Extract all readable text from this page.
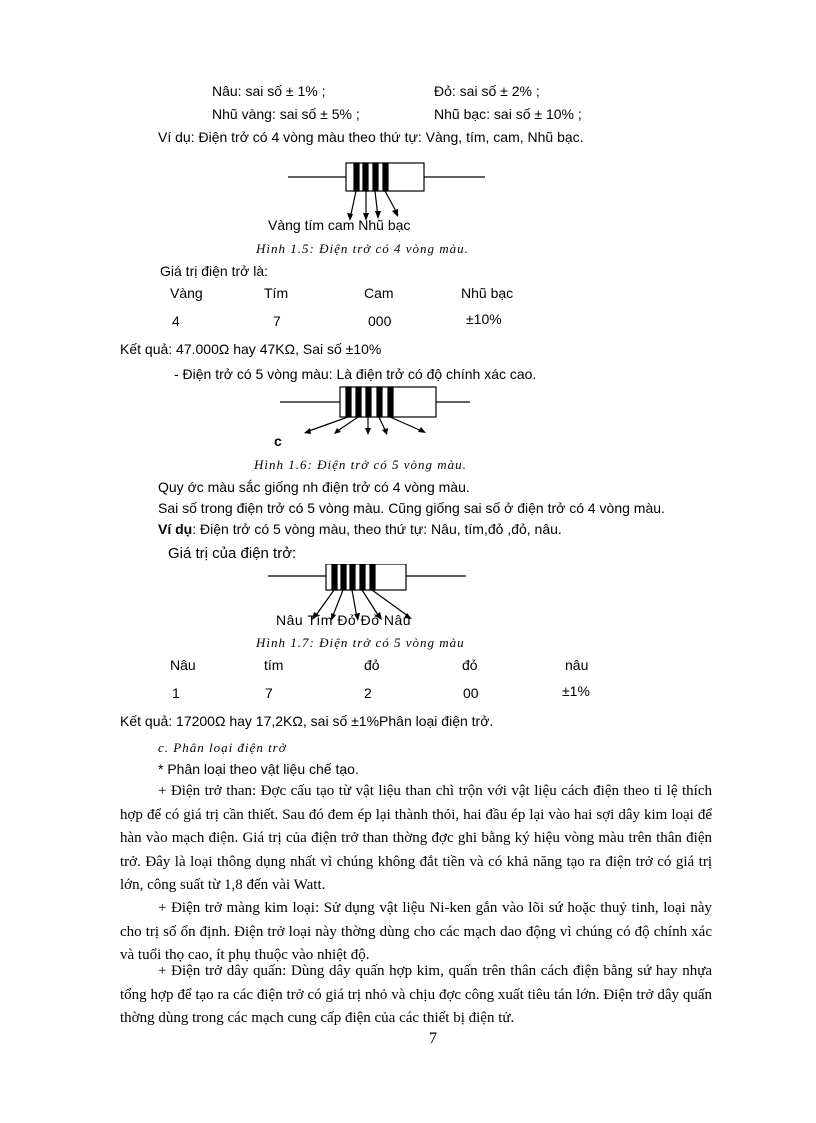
Nâu: sai số ± 1% ;	Đỏ: sai số ± 2% ;
Nhũ vàng: sai số ± 5% ;	Nhũ bạc: sai số ± 10% ;
Ví dụ: Điện trở có 4 vòng màu theo thứ tự: Vàng, tím, cam, Nhũ bạc.
Vàng tím cam Nhũ bạc
Hình 1.5: Điện trở có 4 vòng màu.
Giá trị điện trở là:
Vàng	Tím	Cam	Nhũ bạc
4	7	000	±10%
Kết quả: 47.000Ω hay 47KΩ, Sai số ±10%
- Điện trở có 5 vòng màu: Là điện trở có độ chính xác cao.
c
Hình 1.6: Điện trở có 5 vòng màu.
Quy ớc màu sắc giống nh điện trở có 4 vòng màu.
Sai số trong điện trở có 5 vòng màu. Cũng giống sai số ở điện trở có 4 vòng màu.
Ví dụ: Điện trở có 5 vòng màu, theo thứ tự: Nâu, tím,đỏ ,đỏ, nâu.
Giá trị của điện trở:
Nâu Tím Đỏ Đỏ Nâu
Hình 1.7: Điện trở có 5 vòng màu
Nâu	tím	đỏ	đỏ	nâu
1	7	2	00	±1%
Kết quả: 17200Ω hay 17,2KΩ, sai số ±1%Phân loại điện trở.
c. Phân loại điện trở
* Phân loại theo vật liệu chế tạo.
+ Điện trở than: Đợc cấu tạo từ vật liệu than chì trộn với vật liệu cách điện theo tỉ lệ thích hợp để có giá trị cần thiết. Sau đó đem ép lại thành thỏi, hai đầu ép lại vào hai sợi dây kim loại để hàn vào mạch điện. Giá trị của điện trở than thờng đợc ghi bằng ký hiệu vòng màu trên thân điện trở. Đây là loại thông dụng nhất vì chúng không đắt tiền và có khả năng tạo ra điện trở có giá trị lớn, công suất từ 1,8 đến vài Watt.
+ Điện trở màng kim loại: Sử dụng vật liệu Ni-ken gắn vào lõi sứ hoặc thuỷ tinh, loại này cho trị số ổn định. Điện trở loại này thờng dùng cho các mạch dao động vì chúng có độ chính xác và tuổi thọ cao, ít phụ thuộc vào nhiệt độ.
+ Điện trở dây quấn: Dùng dây quấn hợp kim, quấn trên thân cách điện bằng sứ hay nhựa tổng hợp để tạo ra các điện trở có giá trị nhỏ và chịu đợc công xuất tiêu tán lớn. Điện trở dây quấn thờng dùng trong các mạch cung cấp điện của các thiết bị điện tử.
7
